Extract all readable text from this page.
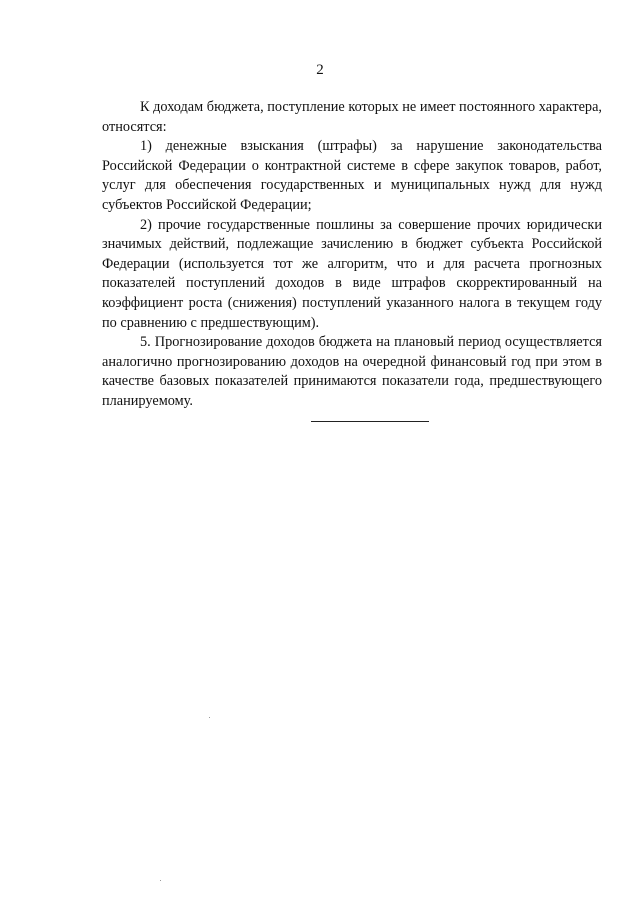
2

К доходам бюджета, поступление которых не имеет постоянного характера, относятся:

1) денежные взыскания (штрафы) за нарушение законодательства Российской Федерации о контрактной системе в сфере закупок товаров, работ, услуг для обеспечения государственных и муниципальных нужд для нужд субъектов Российской Федерации;

2) прочие государственные пошлины за совершение прочих юридически значимых действий, подлежащие зачислению в бюджет субъекта Российской Федерации (используется тот же алгоритм, что и для расчета прогнозных показателей поступлений доходов в виде штрафов скорректированный на коэффициент роста (снижения) поступлений указанного налога в текущем году по сравнению с предшествующим).

5. Прогнозирование доходов бюджета на плановый период осуществляется аналогично прогнозированию доходов на очередной финансовый год при этом в качестве базовых показателей принимаются показатели года, предшествующего планируемому.
